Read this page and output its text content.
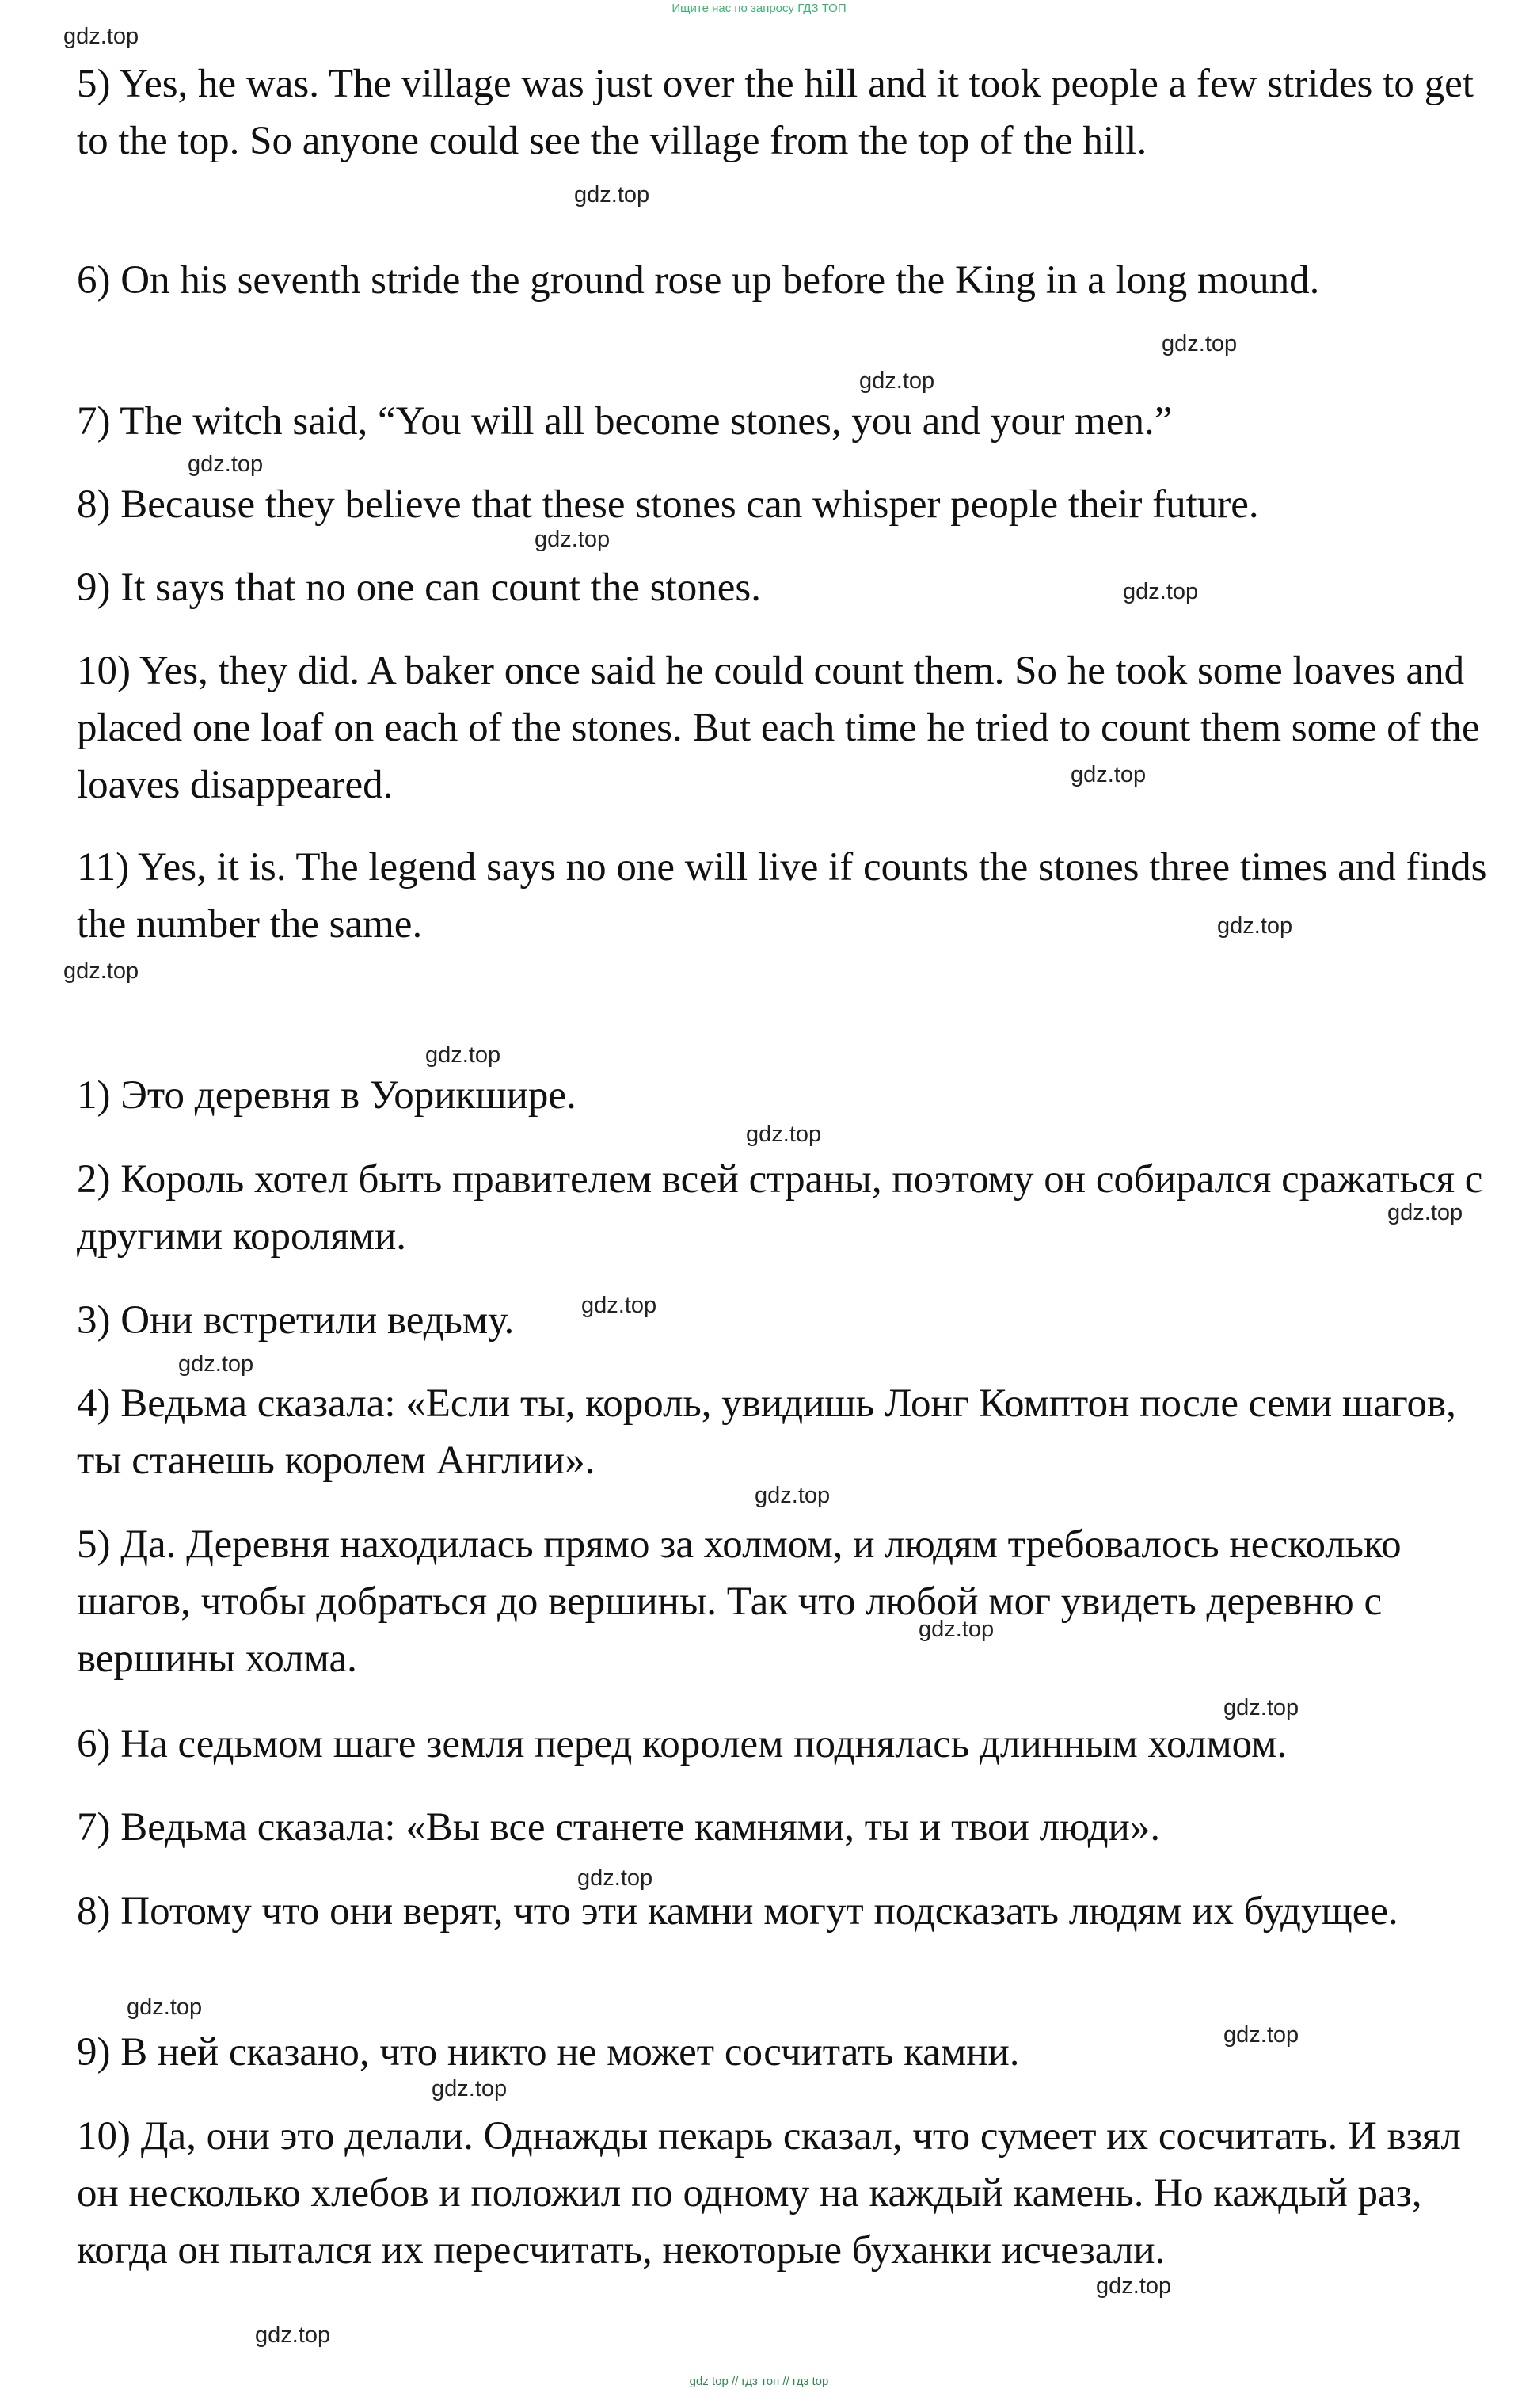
Ищите нас по запросу ГДЗ ТОП
gdz.top
gdz.top
gdz.top
gdz.top
gdz.top
gdz.top
gdz.top
gdz.top
gdz.top
gdz.top
gdz.top
gdz.top
gdz.top
gdz.top
gdz.top
gdz.top
gdz.top
gdz.top
gdz.top
gdz.top
gdz.top
gdz.top
gdz.top
gdz.top

5) Yes, he was. The village was just over the hill and it took people a few strides to get to the top. So anyone could see the village from the top of the hill.

6) On his seventh stride the ground rose up before the King in a long mound.

7) The witch said, “You will all become stones, you and your men.”

8) Because they believe that these stones can whisper people their future.

9) It says that no one can count the stones.

10) Yes, they did. A baker once said he could count them. So he took some loaves and placed one loaf on each of the stones. But each time he tried to count them some of the loaves disappeared.

11) Yes, it is. The legend says no one will live if counts the stones three times and finds the number the same.

1) Это деревня в Уорикшире.

2) Король хотел быть правителем всей страны, поэтому он собирался сражаться с другими королями.

3) Они встретили ведьму.

4) Ведьма сказала: «Если ты, король, увидишь Лонг Комптон после семи шагов, ты станешь королем Англии».

5) Да. Деревня находилась прямо за холмом, и людям требовалось несколько шагов, чтобы добраться до вершины. Так что любой мог увидеть деревню с вершины холма.

6) На седьмом шаге земля перед королем поднялась длинным холмом.

7) Ведьма сказала: «Вы все станете камнями, ты и твои люди».

8) Потому что они верят, что эти камни могут подсказать людям их будущее.

9) В ней сказано, что никто не может сосчитать камни.

10) Да, они это делали. Однажды пекарь сказал, что сумеет их сосчитать. И взял он несколько хлебов и положил по одному на каждый камень. Но каждый раз, когда он пытался их пересчитать, некоторые буханки исчезали.

gdz top // гдз топ // гдз top
